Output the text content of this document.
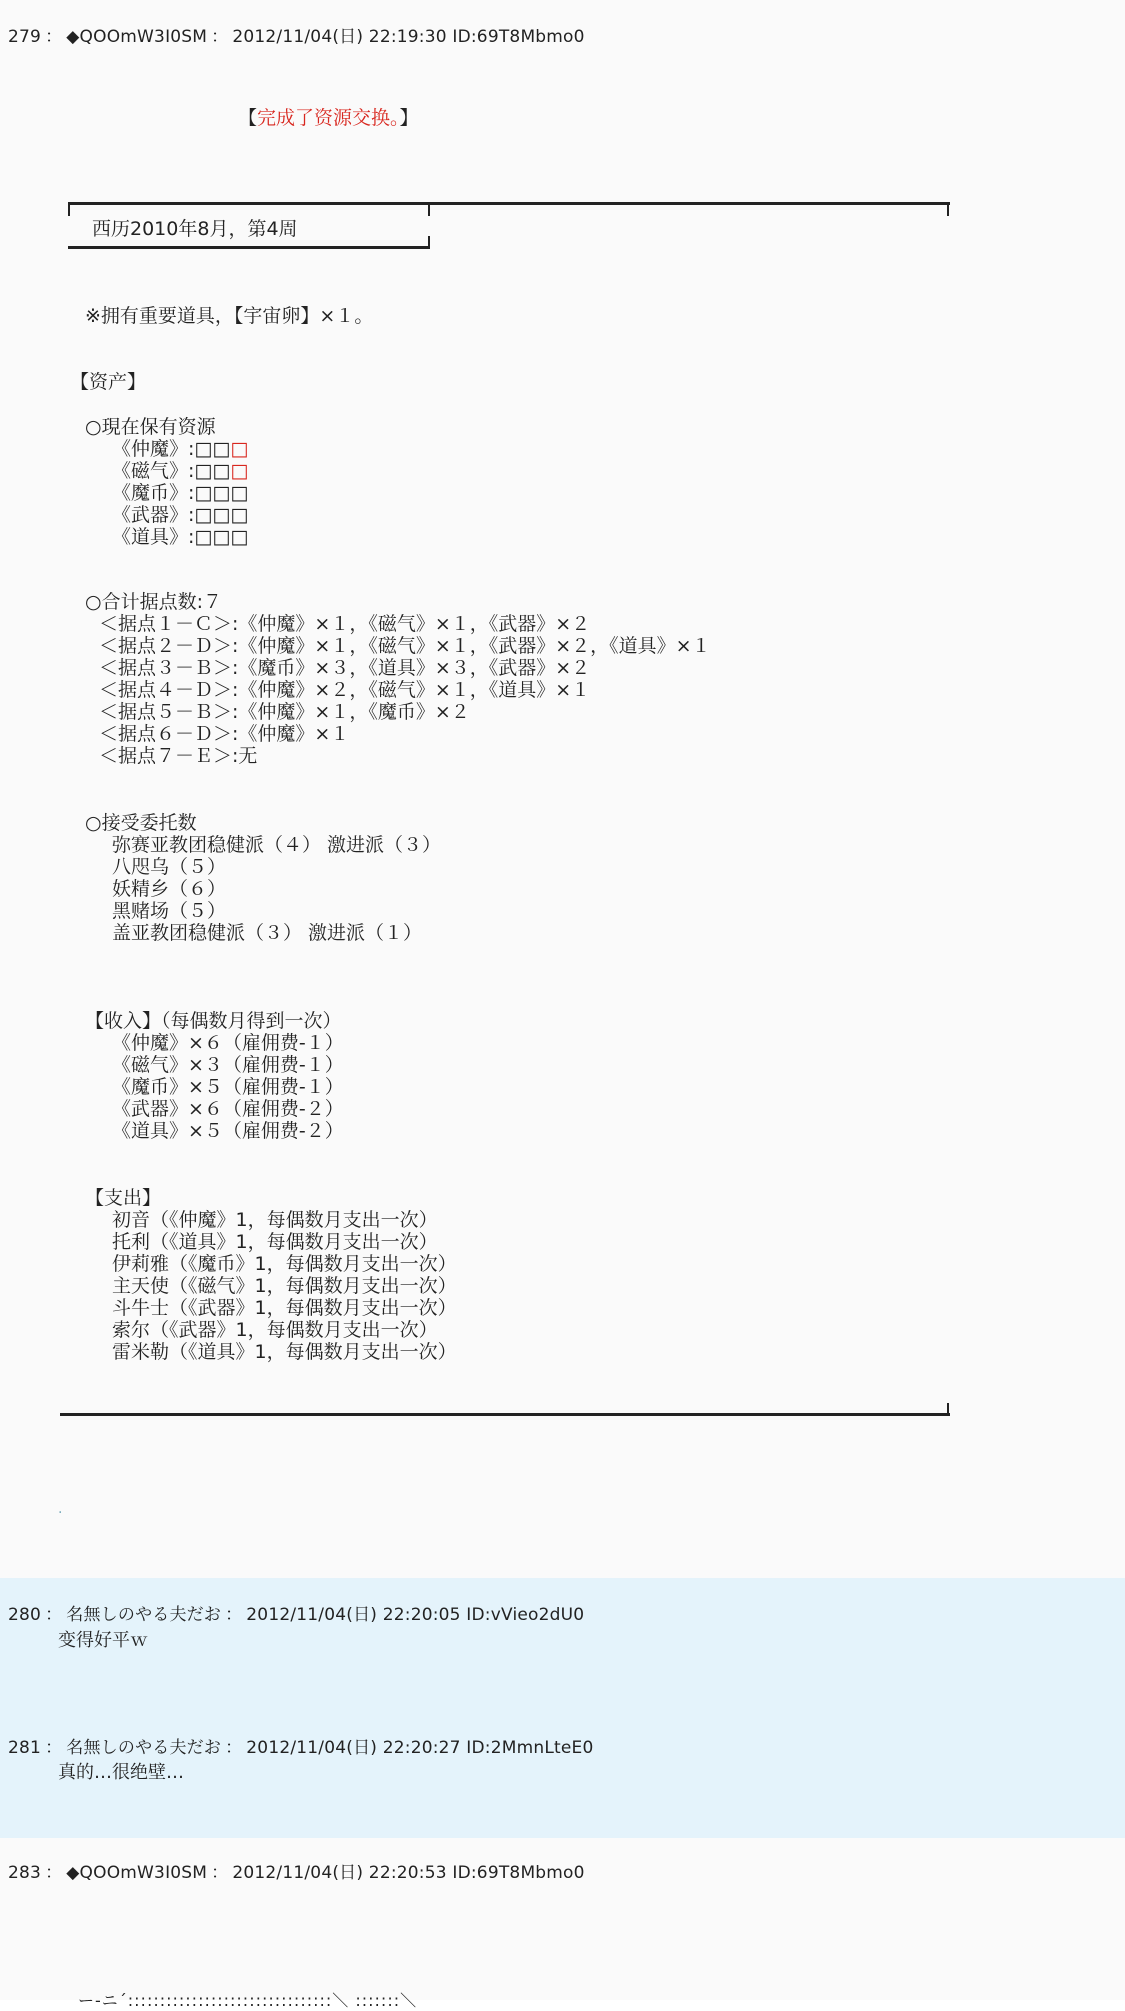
279 ： ◆QOOmW3I0SM ： 2012/11/04(日) 22:19:30 ID:69T8Mbmo0
【完成了资源交换。】
西历2010年8月，第4周
※拥有重要道具，【宇宙卵】×１。
【资产】
○現在保有资源
《仲魔》:□□□
《磁气》:□□□
《魔币》:□□□
《武器》:□□□
《道具》:□□□
○合计据点数:７
＜据点１－Ｃ＞:《仲魔》×１，《磁气》×１，《武器》×２
＜据点２－Ｄ＞:《仲魔》×１，《磁气》×１，《武器》×２，《道具》×１
＜据点３－Ｂ＞:《魔币》×３，《道具》×３，《武器》×２
＜据点４－Ｄ＞:《仲魔》×２，《磁气》×１，《道具》×１
＜据点５－Ｂ＞:《仲魔》×１，《魔币》×２
＜据点６－Ｄ＞:《仲魔》×１
＜据点７－Ｅ＞:无
○接受委托数
弥赛亚教团稳健派（４） 激进派（３）
八咫乌（５）
妖精乡（６）
黑赌场（５）
盖亚教团稳健派（３） 激进派（１）
【收入】（每偶数月得到一次）
《仲魔》×６（雇佣费-１）
《磁气》×３（雇佣费-１）
《魔币》×５（雇佣费-１）
《武器》×６（雇佣费-２）
《道具》×５（雇佣费-２）
【支出】
初音（《仲魔》1，每偶数月支出一次）
托利（《道具》1，每偶数月支出一次）
伊莉雅（《魔币》1，每偶数月支出一次）
主天使（《磁气》1，每偶数月支出一次）
斗牛士（《武器》1，每偶数月支出一次）
索尔（《武器》1，每偶数月支出一次）
雷米勒（《道具》1，每偶数月支出一次）
.
280 ： 名無しのやる夫だお ： 2012/11/04(日) 22:20:05 ID:vVieo2dU0
变得好平ｗ
281 ： 名無しのやる夫だお ： 2012/11/04(日) 22:20:27 ID:2MmnLteE0
真的…很绝壁…
283 ： ◆QOOmW3I0SM ： 2012/11/04(日) 22:20:53 ID:69T8Mbmo0
ー-ニ´::::::::::::::::::::::::::::::::＼ :::::::＼
